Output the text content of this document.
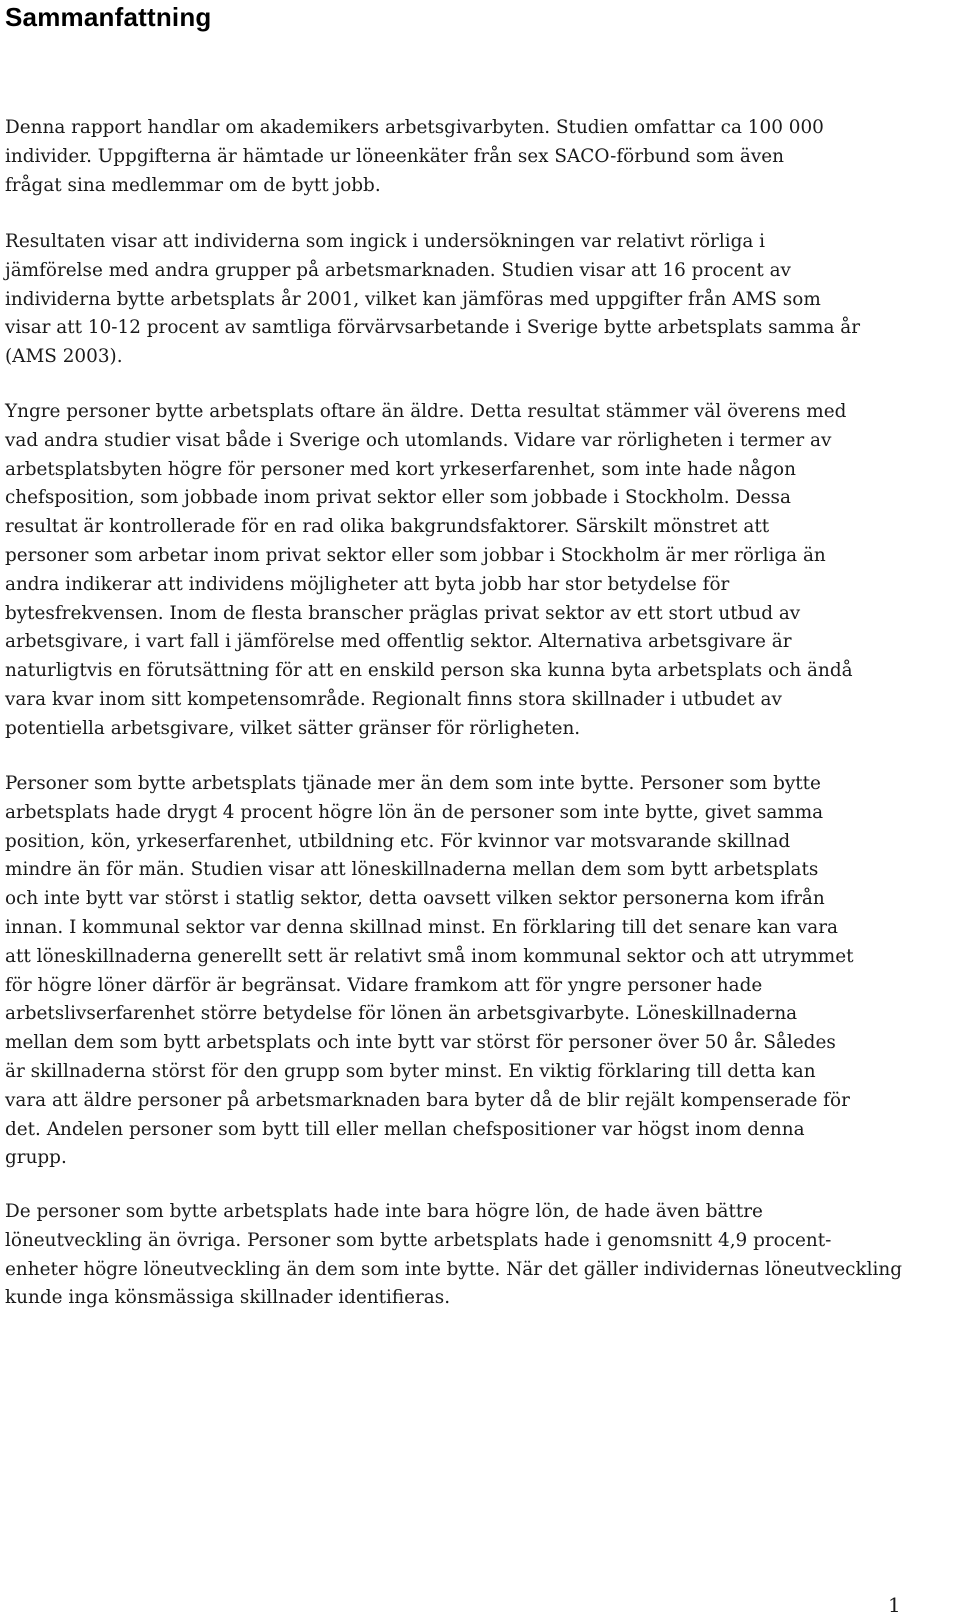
Sammanfattning
Denna rapport handlar om akademikers arbetsgivarbyten. Studien omfattar ca 100 000
individer. Uppgifterna är hämtade ur löneenkäter från sex SACO-förbund som även
frågat sina medlemmar om de bytt jobb.
Resultaten visar att individerna som ingick i undersökningen var relativt rörliga i
jämförelse med andra grupper på arbetsmarknaden. Studien visar att 16 procent av
individerna bytte arbetsplats år 2001, vilket kan jämföras med uppgifter från AMS som
visar att 10-12 procent av samtliga förvärvsarbetande i Sverige bytte arbetsplats samma år
(AMS 2003).
Yngre personer bytte arbetsplats oftare än äldre. Detta resultat stämmer väl överens med
vad andra studier visat både i Sverige och utomlands. Vidare var rörligheten i termer av
arbetsplatsbyten högre för personer med kort yrkeserfarenhet, som inte hade någon
chefsposition, som jobbade inom privat sektor eller som jobbade i Stockholm. Dessa
resultat är kontrollerade för en rad olika bakgrundsfaktorer. Särskilt mönstret att
personer som arbetar inom privat sektor eller som jobbar i Stockholm är mer rörliga än
andra indikerar att individens möjligheter att byta jobb har stor betydelse för
bytesfrekvensen. Inom de flesta branscher präglas privat sektor av ett stort utbud av
arbetsgivare, i vart fall i jämförelse med offentlig sektor. Alternativa arbetsgivare är
naturligtvis en förutsättning för att en enskild person ska kunna byta arbetsplats och ändå
vara kvar inom sitt kompetensområde. Regionalt finns stora skillnader i utbudet av
potentiella arbetsgivare, vilket sätter gränser för rörligheten.
Personer som bytte arbetsplats tjänade mer än dem som inte bytte. Personer som bytte
arbetsplats hade drygt 4 procent högre lön än de personer som inte bytte, givet samma
position, kön, yrkeserfarenhet, utbildning etc. För kvinnor var motsvarande skillnad
mindre än för män. Studien visar att löneskillnaderna mellan dem som bytt arbetsplats
och inte bytt var störst i statlig sektor, detta oavsett vilken sektor personerna kom ifrån
innan. I kommunal sektor var denna skillnad minst. En förklaring till det senare kan vara
att löneskillnaderna generellt sett är relativt små inom kommunal sektor och att utrymmet
för högre löner därför är begränsat. Vidare framkom att för yngre personer hade
arbetslivserfarenhet större betydelse för lönen än arbetsgivarbyte. Löneskillnaderna
mellan dem som bytt arbetsplats och inte bytt var störst för personer över 50 år. Således
är skillnaderna störst för den grupp som byter minst. En viktig förklaring till detta kan
vara att äldre personer på arbetsmarknaden bara byter då de blir rejält kompenserade för
det. Andelen personer som bytt till eller mellan chefspositioner var högst inom denna
grupp.
De personer som bytte arbetsplats hade inte bara högre lön, de hade även bättre
löneutveckling än övriga. Personer som bytte arbetsplats hade i genomsnitt 4,9 procent-
enheter högre löneutveckling än dem som inte bytte. När det gäller individernas löneutveckling
kunde inga könsmässiga skillnader identifieras.
1
